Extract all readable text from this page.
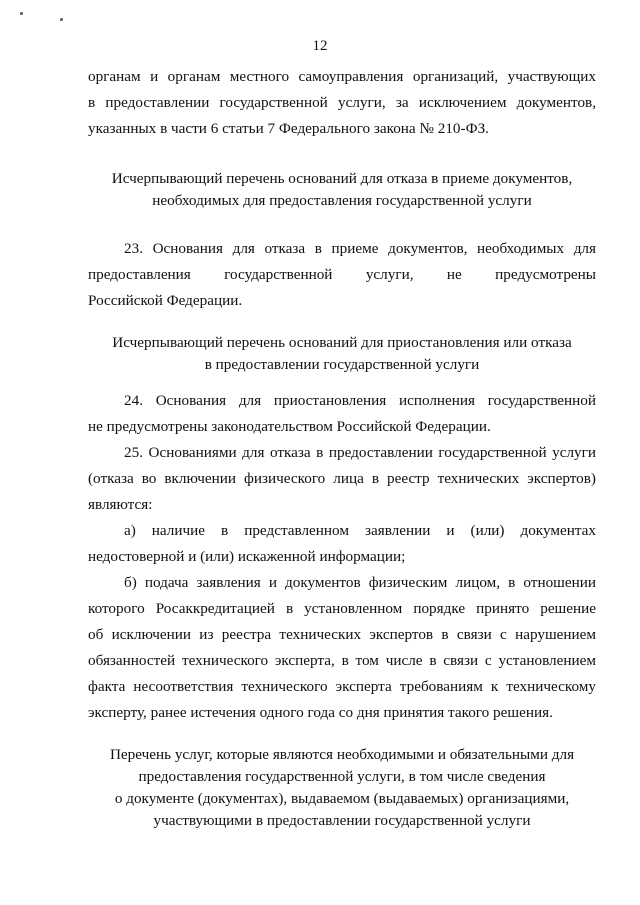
12
органам и органам местного самоуправления организаций, участвующих
в предоставлении государственной услуги, за исключением документов,
указанных в части 6 статьи 7 Федерального закона № 210-ФЗ.
Исчерпывающий перечень оснований для отказа в приеме документов,
необходимых для предоставления государственной услуги
23. Основания для отказа в приеме документов, необходимых для
предоставления государственной услуги, не предусмотрены
Российской Федерации.
Исчерпывающий перечень оснований для приостановления или отказа
в предоставлении государственной услуги
24. Основания для приостановления исполнения государственной
не предусмотрены законодательством Российской Федерации.
25. Основаниями для отказа в предоставлении государственной услуги
(отказа во включении физического лица в реестр технических экспертов)
являются:
а) наличие в представленном заявлении и (или) документах
недостоверной и (или) искаженной информации;
б) подача заявления и документов физическим лицом, в отношении
которого Росаккредитацией в установленном порядке принято решение
об исключении из реестра технических экспертов в связи с нарушением
обязанностей технического эксперта, в том числе в связи с установлением
факта несоответствия технического эксперта требованиям к техническому
эксперту, ранее истечения одного года со дня принятия такого решения.
Перечень услуг, которые являются необходимыми и обязательными для
предоставления государственной услуги, в том числе сведения
о документе (документах), выдаваемом (выдаваемых) организациями,
участвующими в предоставлении государственной услуги
